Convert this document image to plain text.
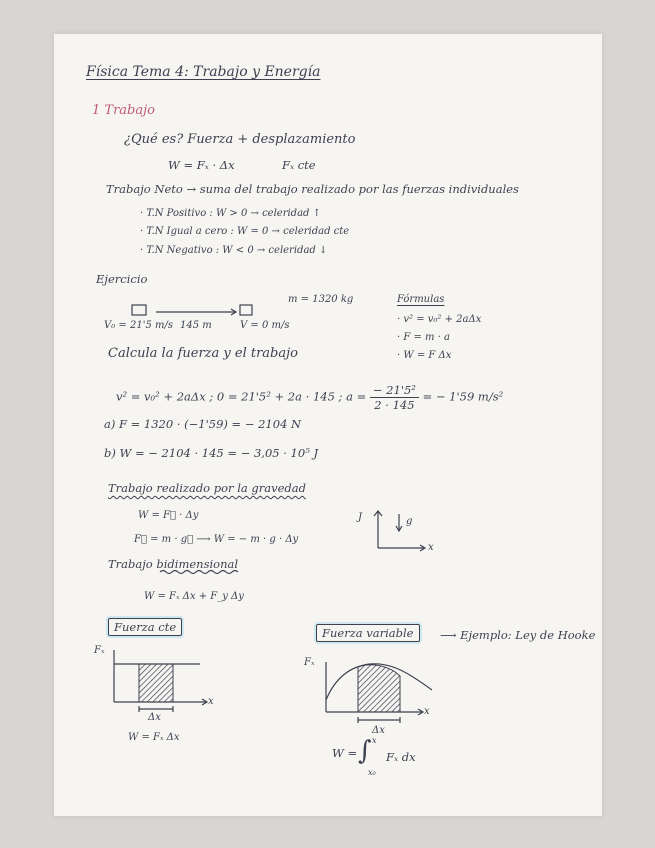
Física Tema 4: Trabajo y Energía
1 Trabajo
¿Qué es? Fuerza + desplazamiento
W = Fₓ · Δx	Fₓ cte
Trabajo Neto → suma del trabajo realizado por las fuerzas individuales
· T.N Positivo : W > 0 → celeridad ↑
· T.N Igual a cero : W = 0 → celeridad cte
· T.N Negativo : W < 0 → celeridad ↓
Ejercicio
m = 1320 kg	Fórmulas
· v² = v₀² + 2aΔx
· F = m · a
· W = F Δx
V₀ = 21'5 m/s 145 m	V = 0 m/s
Calcula la fuerza y el trabajo
v² = v₀² + 2aΔx ; 0 = 21'5² + 2a · 145 ; $a = \frac{\text{− 21'5²}}{2 \cdot 145}$ = − 1'59 m/s²
a) F = 1320 · (−1'59) = − 2104 N
b) W = − 2104 · 145 = − 3,05 · 10⁵ J
Trabajo realizado por la gravedad
W = F⃗ · Δy
F⃗ = m · g⃗ ⟶ W = − m · g · Δy
J	g
x
Trabajo bidimensional
W = Fₓ Δx + F_y Δy
Fuerza cte	Fuerza variable	⟶ Ejemplo: Ley de Hooke
Fₓ
x
Δx
W = Fₓ Δx
Fₓ
x
Δx
W = ∫ x
x₀
Fₓ dx
